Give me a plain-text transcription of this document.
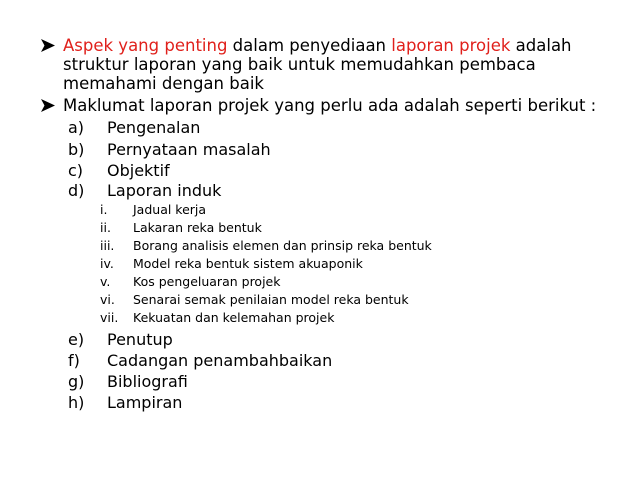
Aspek yang penting dalam penyediaan laporan projek adalah struktur laporan yang baik untuk memudahkan pembaca memahami dengan baik
Maklumat laporan projek yang perlu ada adalah seperti berikut :
a) Pengenalan
b) Pernyataan masalah
c) Objektif
d) Laporan induk
i. Jadual kerja
ii. Lakaran reka bentuk
iii. Borang analisis elemen dan prinsip reka bentuk
iv. Model reka bentuk sistem akuaponik
v. Kos pengeluaran projek
vi. Senarai semak penilaian model reka bentuk
vii. Kekuatan dan kelemahan projek
e) Penutup
f) Cadangan penambahbaikan
g) Bibliografi
h) Lampiran
